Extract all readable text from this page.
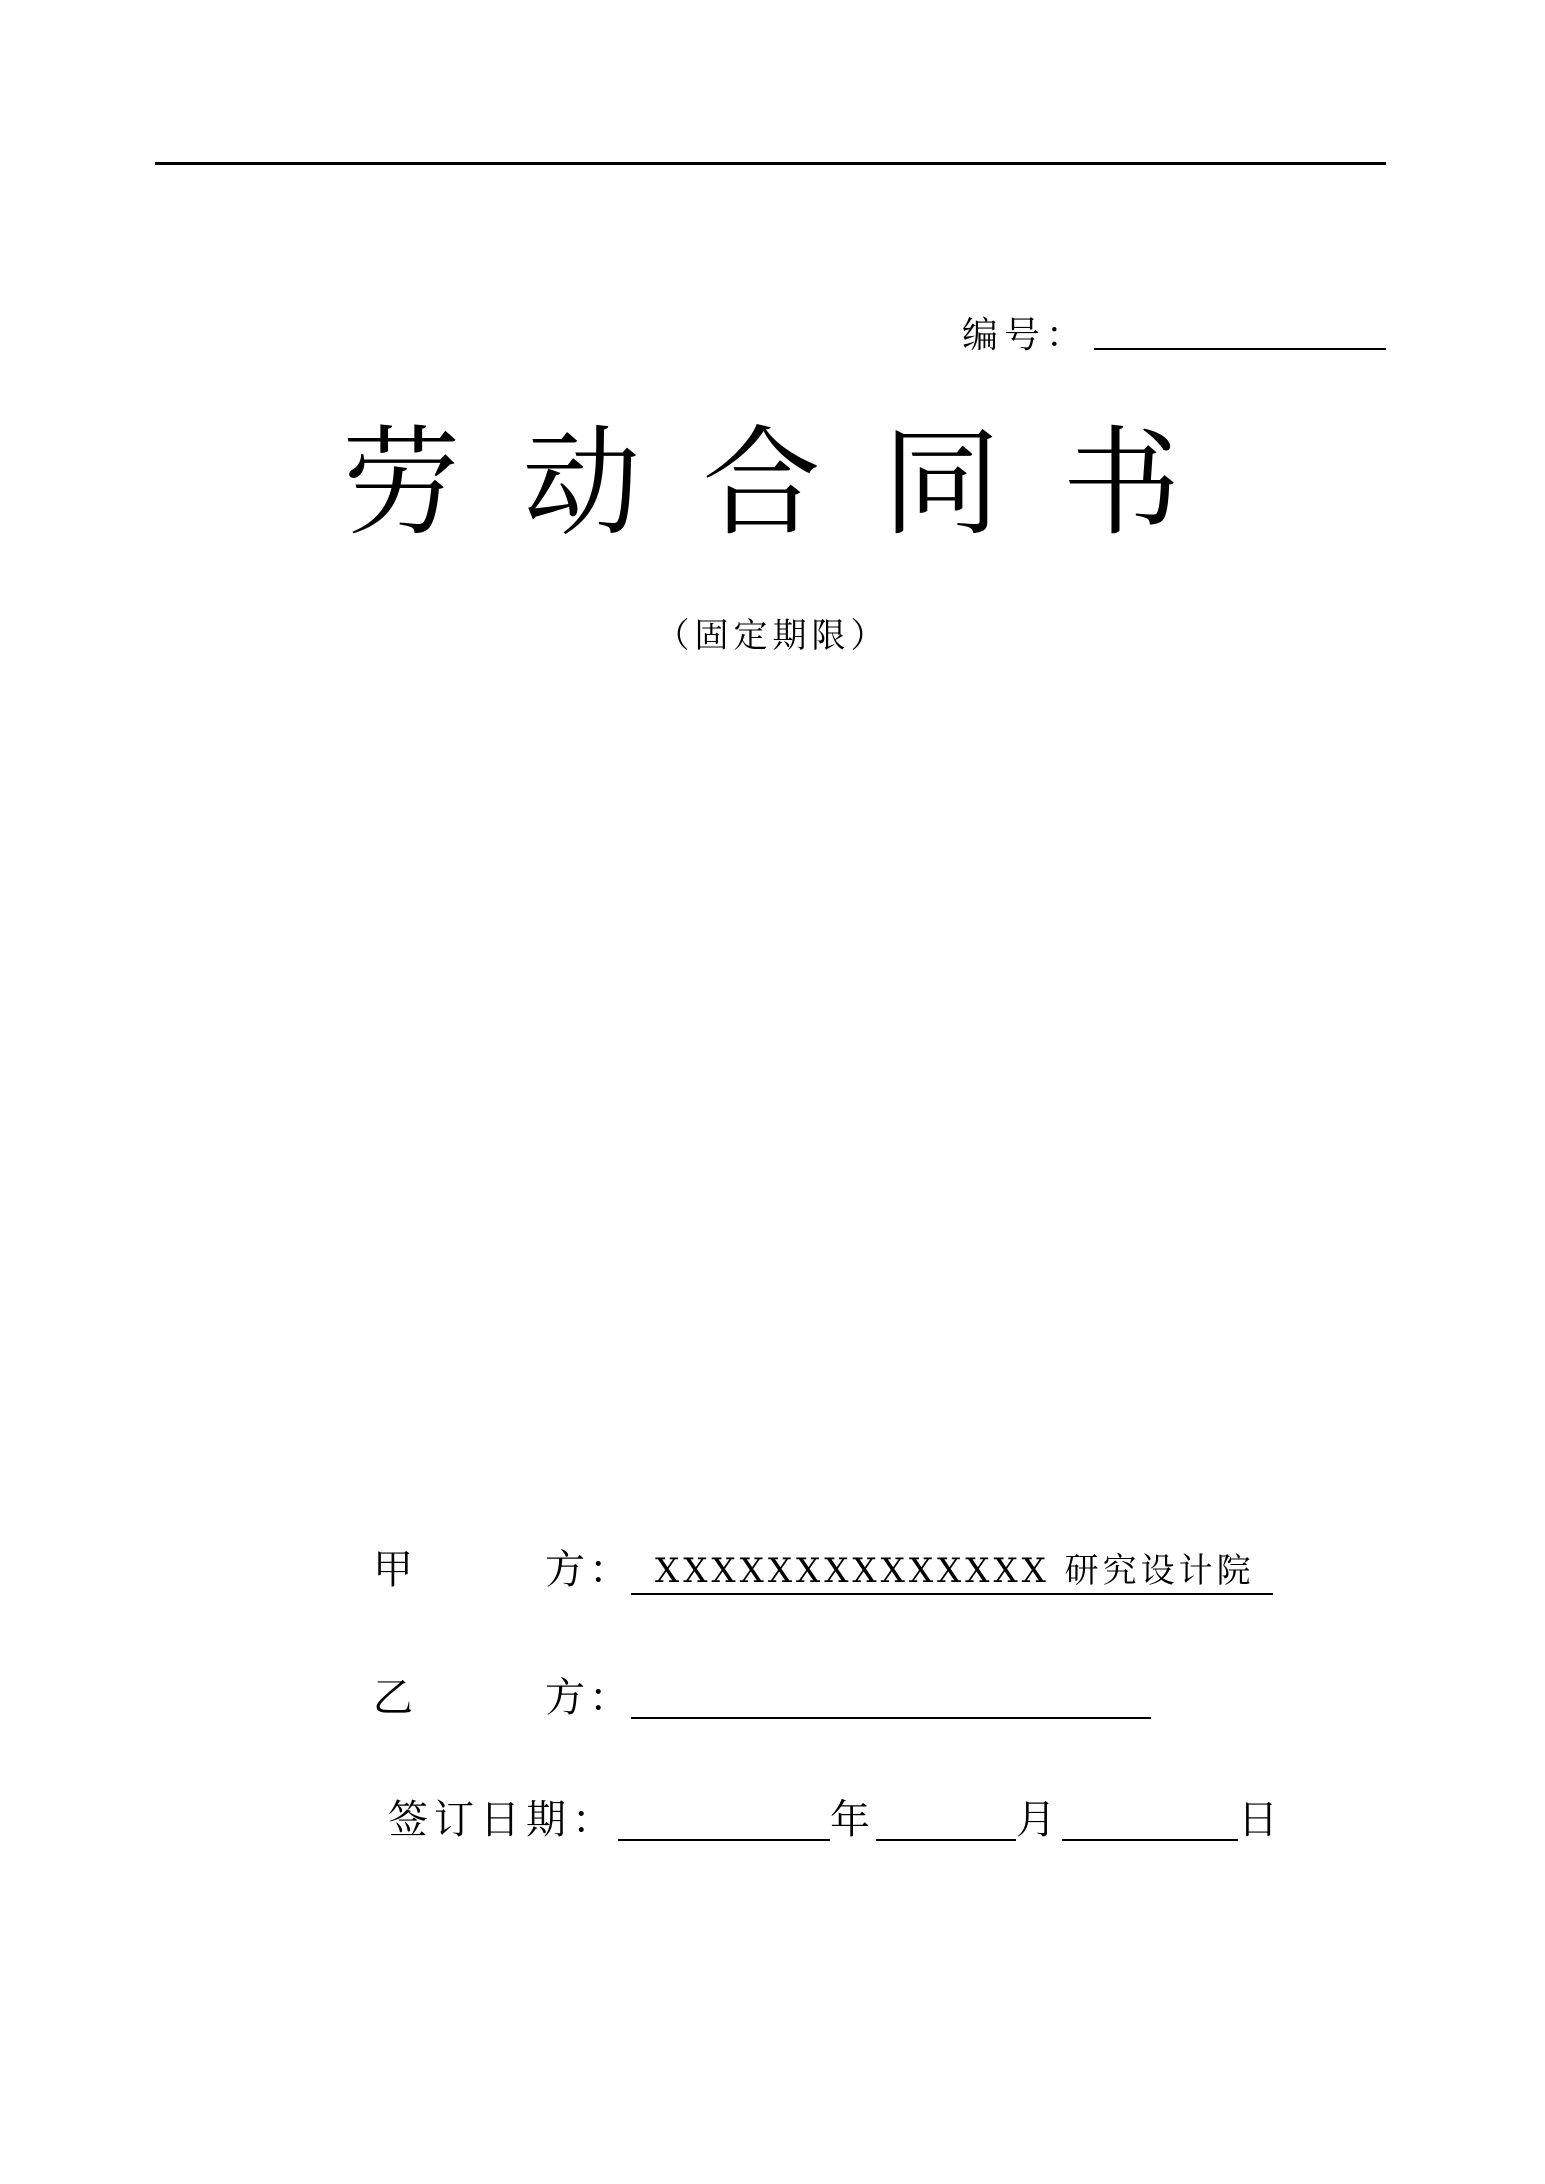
编号：
劳动合同书
（固定期限）
甲	方： XXXXXXXXXXXXXX 研究设计院
乙	方：
签订日期：	年	月	日
